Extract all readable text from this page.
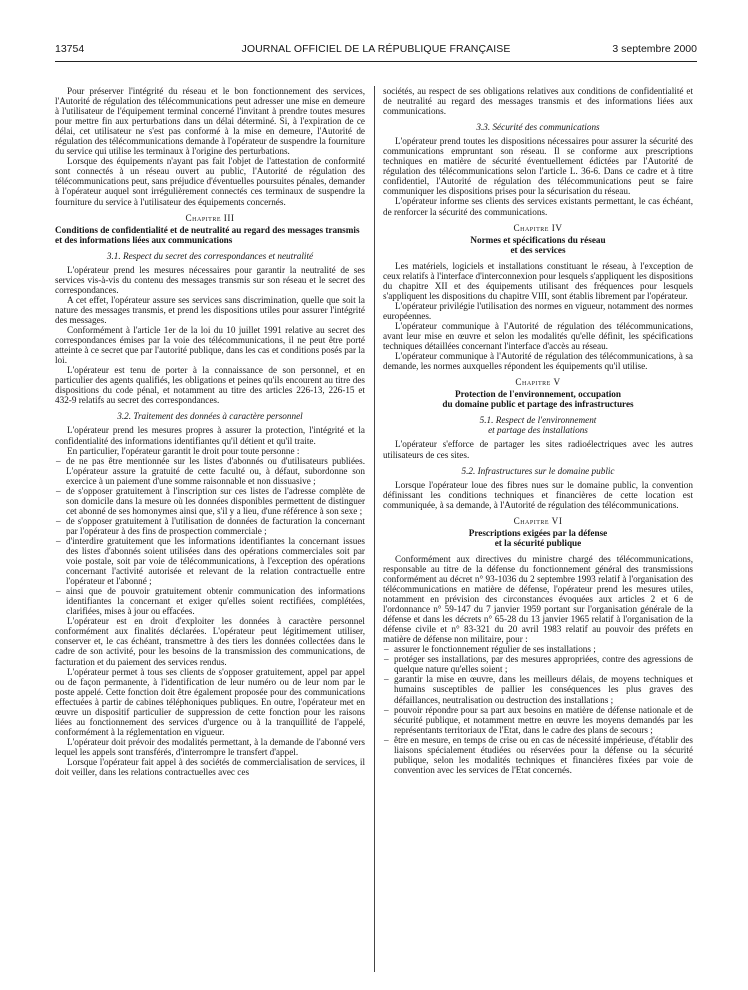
13754	JOURNAL OFFICIEL DE LA RÉPUBLIQUE FRANÇAISE	3 septembre 2000

Pour préserver l'intégrité du réseau et le bon fonctionnement des services, l'Autorité de régulation des télécommunications peut adresser une mise en demeure à l'utilisateur de l'équipement terminal concerné l'invitant à prendre toutes mesures pour mettre fin aux perturbations dans un délai déterminé. Si, à l'expiration de ce délai, cet utilisateur ne s'est pas conformé à la mise en demeure, l'Autorité de régulation des télécommunications demande à l'opérateur de suspendre la fourniture du service qui utilise les terminaux à l'origine des perturbations.

Lorsque des équipements n'ayant pas fait l'objet de l'attestation de conformité sont connectés à un réseau ouvert au public, l'Autorité de régulation des télécommunications peut, sans préjudice d'éventuelles poursuites pénales, demander à l'opérateur auquel sont irrégulièrement connectés ces terminaux de suspendre la fourniture du service à l'utilisateur des équipements concernés.

Chapitre III

Conditions de confidentialité et de neutralité au regard des messages transmis et des informations liées aux communications

3.1. Respect du secret des correspondances et neutralité

L'opérateur prend les mesures nécessaires pour garantir la neutralité de ses services vis-à-vis du contenu des messages transmis sur son réseau et le secret des correspondances.

A cet effet, l'opérateur assure ses services sans discrimination, quelle que soit la nature des messages transmis, et prend les dispositions utiles pour assurer l'intégrité des messages.

Conformément à l'article 1er de la loi du 10 juillet 1991 relative au secret des correspondances émises par la voie des télécommunications, il ne peut être porté atteinte à ce secret que par l'autorité publique, dans les cas et conditions posés par la loi.

L'opérateur est tenu de porter à la connaissance de son personnel, et en particulier des agents qualifiés, les obligations et peines qu'ils encourent au titre des dispositions du code pénal, et notamment au titre des articles 226-13, 226-15 et 432-9 relatifs au secret des correspondances.

3.2. Traitement des données à caractère personnel

L'opérateur prend les mesures propres à assurer la protection, l'intégrité et la confidentialité des informations identifiantes qu'il détient et qu'il traite.

En particulier, l'opérateur garantit le droit pour toute personne :

– de ne pas être mentionnée sur les listes d'abonnés ou d'utilisateurs publiées. L'opérateur assure la gratuité de cette faculté ou, à défaut, subordonne son exercice à un paiement d'une somme raisonnable et non dissuasive ;
– de s'opposer gratuitement à l'inscription sur ces listes de l'adresse complète de son domicile dans la mesure où les données disponibles permettent de distinguer cet abonné de ses homonymes ainsi que, s'il y a lieu, d'une référence à son sexe ;
– de s'opposer gratuitement à l'utilisation de données de facturation la concernant par l'opérateur à des fins de prospection commerciale ;
– d'interdire gratuitement que les informations identifiantes la concernant issues des listes d'abonnés soient utilisées dans des opérations commerciales soit par voie postale, soit par voie de télécommunications, à l'exception des opérations concernant l'activité autorisée et relevant de la relation contractuelle entre l'opérateur et l'abonné ;
– ainsi que de pouvoir gratuitement obtenir communication des informations identifiantes la concernant et exiger qu'elles soient rectifiées, complétées, clarifiées, mises à jour ou effacées.

L'opérateur est en droit d'exploiter les données à caractère personnel conformément aux finalités déclarées. L'opérateur peut légitimement utiliser, conserver et, le cas échéant, transmettre à des tiers les données collectées dans le cadre de son activité, pour les besoins de la transmission des communications, de facturation et du paiement des services rendus.

L'opérateur permet à tous ses clients de s'opposer gratuitement, appel par appel ou de façon permanente, à l'identification de leur numéro ou de leur nom par le poste appelé. Cette fonction doit être également proposée pour des communications effectuées à partir de cabines téléphoniques publiques. En outre, l'opérateur met en œuvre un dispositif particulier de suppression de cette fonction pour les raisons liées au fonctionnement des services d'urgence ou à la tranquillité de l'appelé, conformément à la réglementation en vigueur.

L'opérateur doit prévoir des modalités permettant, à la demande de l'abonné vers lequel les appels sont transférés, d'interrompre le transfert d'appel.

Lorsque l'opérateur fait appel à des sociétés de commercialisation de services, il doit veiller, dans les relations contractuelles avec ces

sociétés, au respect de ses obligations relatives aux conditions de confidentialité et de neutralité au regard des messages transmis et des informations liées aux communications.

3.3. Sécurité des communications

L'opérateur prend toutes les dispositions nécessaires pour assurer la sécurité des communications empruntant son réseau. Il se conforme aux prescriptions techniques en matière de sécurité éventuellement édictées par l'Autorité de régulation des télécommunications selon l'article L. 36-6. Dans ce cadre et à titre confidentiel, l'Autorité de régulation des télécommunications peut se faire communiquer les dispositions prises pour la sécurisation du réseau.

L'opérateur informe ses clients des services existants permettant, le cas échéant, de renforcer la sécurité des communications.

Chapitre IV

Normes et spécifications du réseau
et des services

Les matériels, logiciels et installations constituant le réseau, à l'exception de ceux relatifs à l'interface d'interconnexion pour lesquels s'appliquent les dispositions du chapitre XII et des équipements utilisant des fréquences pour lesquels s'appliquent les dispositions du chapitre VIII, sont établis librement par l'opérateur.

L'opérateur privilégie l'utilisation des normes en vigueur, notamment des normes européennes.

L'opérateur communique à l'Autorité de régulation des télécommunications, avant leur mise en œuvre et selon les modalités qu'elle définit, les spécifications techniques détaillées concernant l'interface d'accès au réseau.

L'opérateur communique à l'Autorité de régulation des télécommunications, à sa demande, les normes auxquelles répondent les équipements qu'il utilise.

Chapitre V

Protection de l'environnement, occupation
du domaine public et partage des infrastructures
5.1. Respect de l'environnement
et partage des installations

L'opérateur s'efforce de partager les sites radioélectriques avec les autres utilisateurs de ces sites.

5.2. Infrastructures sur le domaine public

Lorsque l'opérateur loue des fibres nues sur le domaine public, la convention définissant les conditions techniques et financières de cette location est communiquée, à sa demande, à l'Autorité de régulation des télécommunications.

Chapitre VI

Prescriptions exigées par la défense
et la sécurité publique

Conformément aux directives du ministre chargé des télécommunications, responsable au titre de la défense du fonctionnement général des transmissions conformément au décret n° 93-1036 du 2 septembre 1993 relatif à l'organisation des télécommunications en matière de défense, l'opérateur prend les mesures utiles, notamment en prévision des circonstances évoquées aux articles 2 et 6 de l'ordonnance n° 59-147 du 7 janvier 1959 portant sur l'organisation générale de la défense et dans les décrets n° 65-28 du 13 janvier 1965 relatif à l'organisation de la défense civile et n° 83-321 du 20 avril 1983 relatif au pouvoir des préfets en matière de défense non militaire, pour :

– assurer le fonctionnement régulier de ses installations ;
– protéger ses installations, par des mesures appropriées, contre des agressions de quelque nature qu'elles soient ;
– garantir la mise en œuvre, dans les meilleurs délais, de moyens techniques et humains susceptibles de pallier les conséquences les plus graves des défaillances, neutralisation ou destruction des installations ;
– pouvoir répondre pour sa part aux besoins en matière de défense nationale et de sécurité publique, et notamment mettre en œuvre les moyens demandés par les représentants territoriaux de l'Etat, dans le cadre des plans de secours ;
– être en mesure, en temps de crise ou en cas de nécessité impérieuse, d'établir des liaisons spécialement étudiées ou réservées pour la défense ou la sécurité publique, selon les modalités techniques et financières fixées par voie de convention avec les services de l'Etat concernés.
